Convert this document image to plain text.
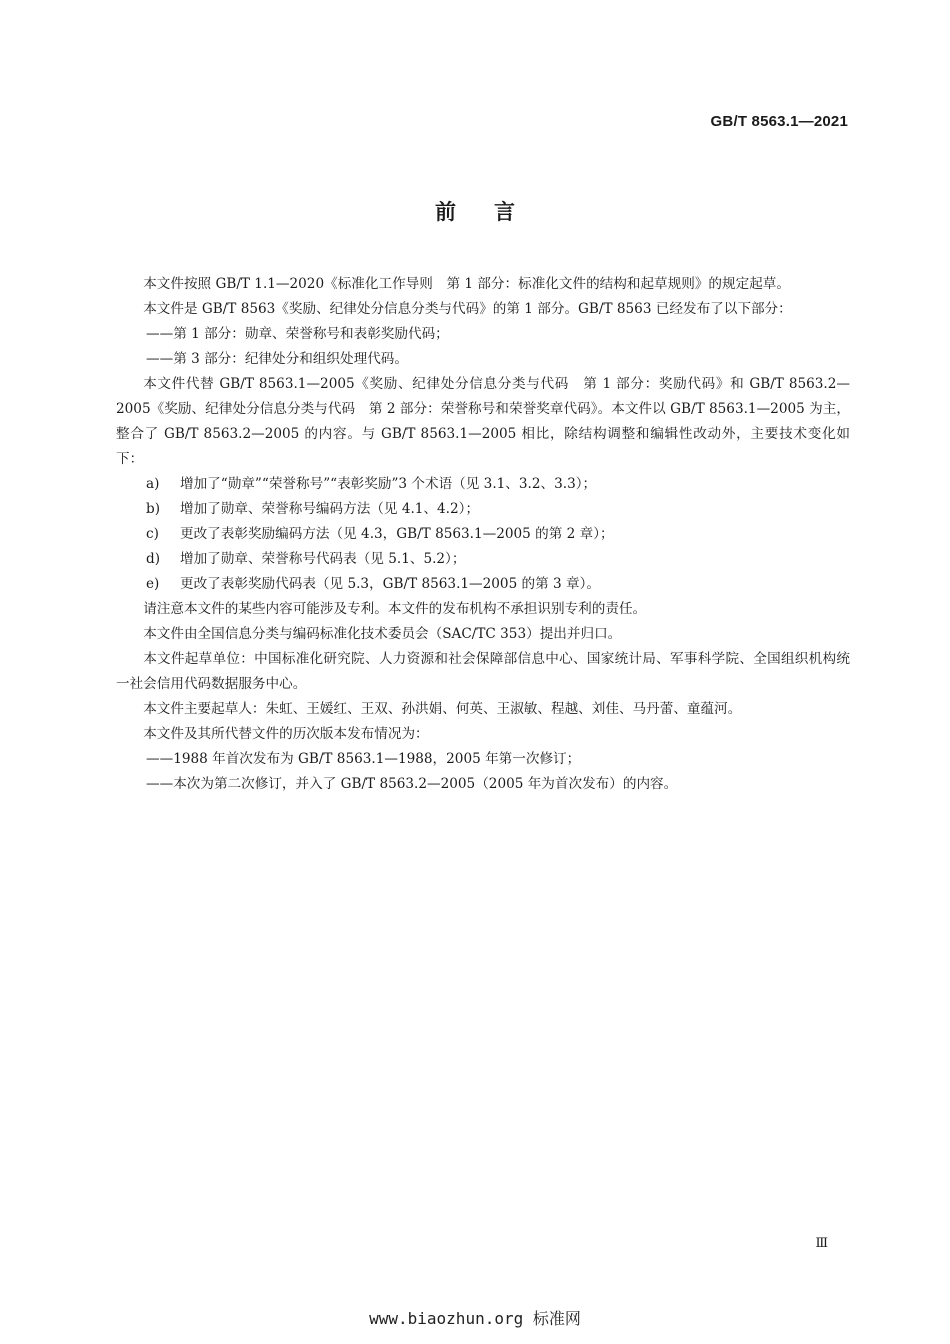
GB/T 8563.1—2021
前言

本文件按照 GB/T 1.1—2020《标准化工作导则　第 1 部分：标准化文件的结构和起草规则》的规定起草。

本文件是 GB/T 8563《奖励、纪律处分信息分类与代码》的第 1 部分。GB/T 8563 已经发布了以下部分：

——第 1 部分：勋章、荣誉称号和表彰奖励代码；

——第 3 部分：纪律处分和组织处理代码。

本文件代替 GB/T 8563.1—2005《奖励、纪律处分信息分类与代码　第 1 部分：奖励代码》和 GB/T 8563.2—2005《奖励、纪律处分信息分类与代码　第 2 部分：荣誉称号和荣誉奖章代码》。本文件以 GB/T 8563.1—2005 为主，整合了 GB/T 8563.2—2005 的内容。与 GB/T 8563.1—2005 相比，除结构调整和编辑性改动外，主要技术变化如下：

a)	增加了“勋章”“荣誉称号”“表彰奖励”3 个术语（见 3.1、3.2、3.3）；
b)	增加了勋章、荣誉称号编码方法（见 4.1、4.2）；
c)	更改了表彰奖励编码方法（见 4.3，GB/T 8563.1—2005 的第 2 章）；
d)	增加了勋章、荣誉称号代码表（见 5.1、5.2）；
e)	更改了表彰奖励代码表（见 5.3，GB/T 8563.1—2005 的第 3 章）。

请注意本文件的某些内容可能涉及专利。本文件的发布机构不承担识别专利的责任。

本文件由全国信息分类与编码标准化技术委员会（SAC/TC 353）提出并归口。

本文件起草单位：中国标准化研究院、人力资源和社会保障部信息中心、国家统计局、军事科学院、全国组织机构统一社会信用代码数据服务中心。

本文件主要起草人：朱虹、王媛红、王双、孙洪娟、何英、王淑敏、程越、刘佳、马丹蕾、童蕴河。

本文件及其所代替文件的历次版本发布情况为：

——1988 年首次发布为 GB/T 8563.1—1988，2005 年第一次修订；

——本次为第二次修订，并入了 GB/T 8563.2—2005（2005 年为首次发布）的内容。

Ⅲ
www.biaozhun.org 标准网
